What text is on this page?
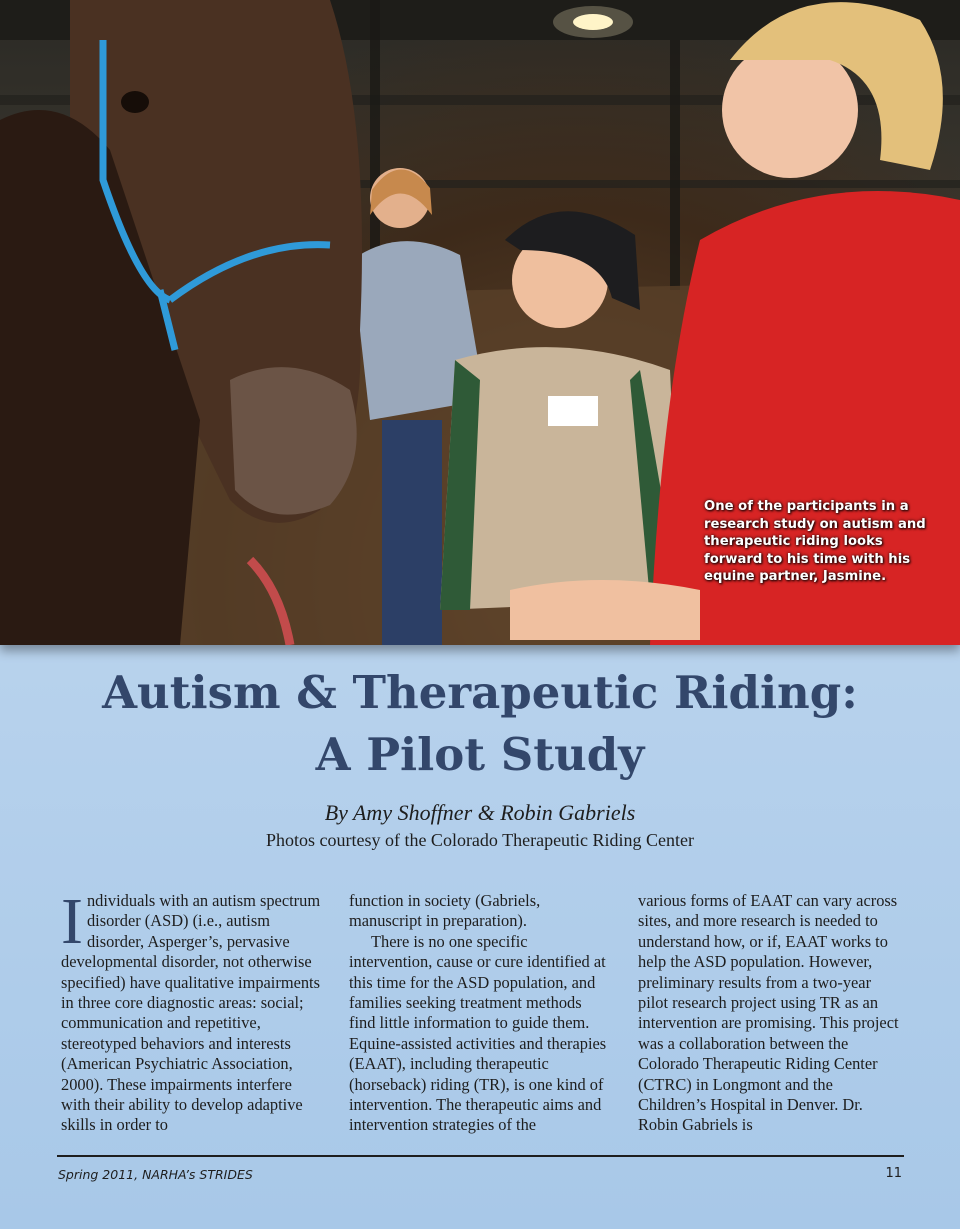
One of the participants in a research study on autism and therapeutic riding looks forward to his time with his equine partner, Jasmine.
Autism & Therapeutic Riding:
A Pilot Study
By Amy Shoffner & Robin Gabriels
Photos courtesy of the Colorado Therapeutic Riding Center

I ndividuals with an autism spectrum disorder (ASD) (i.e., autism disorder, Asperger’s, pervasive developmental disorder, not otherwise specified) have qualitative impairments in three core diagnostic areas: social; communication and repetitive, stereotyped behaviors and interests (American Psychiatric Association, 2000). These impairments interfere with their ability to develop adaptive skills in order to

function in society (Gabriels, manuscript in preparation).

There is no one specific intervention, cause or cure identified at this time for the ASD population, and families seeking treatment methods find little information to guide them. Equine-assisted activities and therapies (EAAT), including therapeutic (horseback) riding (TR), is one kind of intervention. The therapeutic aims and intervention strategies of the

various forms of EAAT can vary across sites, and more research is needed to understand how, or if, EAAT works to help the ASD population. However, preliminary results from a two-year pilot research project using TR as an intervention are promising. This project was a collaboration between the Colorado Therapeutic Riding Center (CTRC) in Longmont and the Children’s Hospital in Denver. Dr. Robin Gabriels is

Spring 2011, NARHA’s STRIDES	11
